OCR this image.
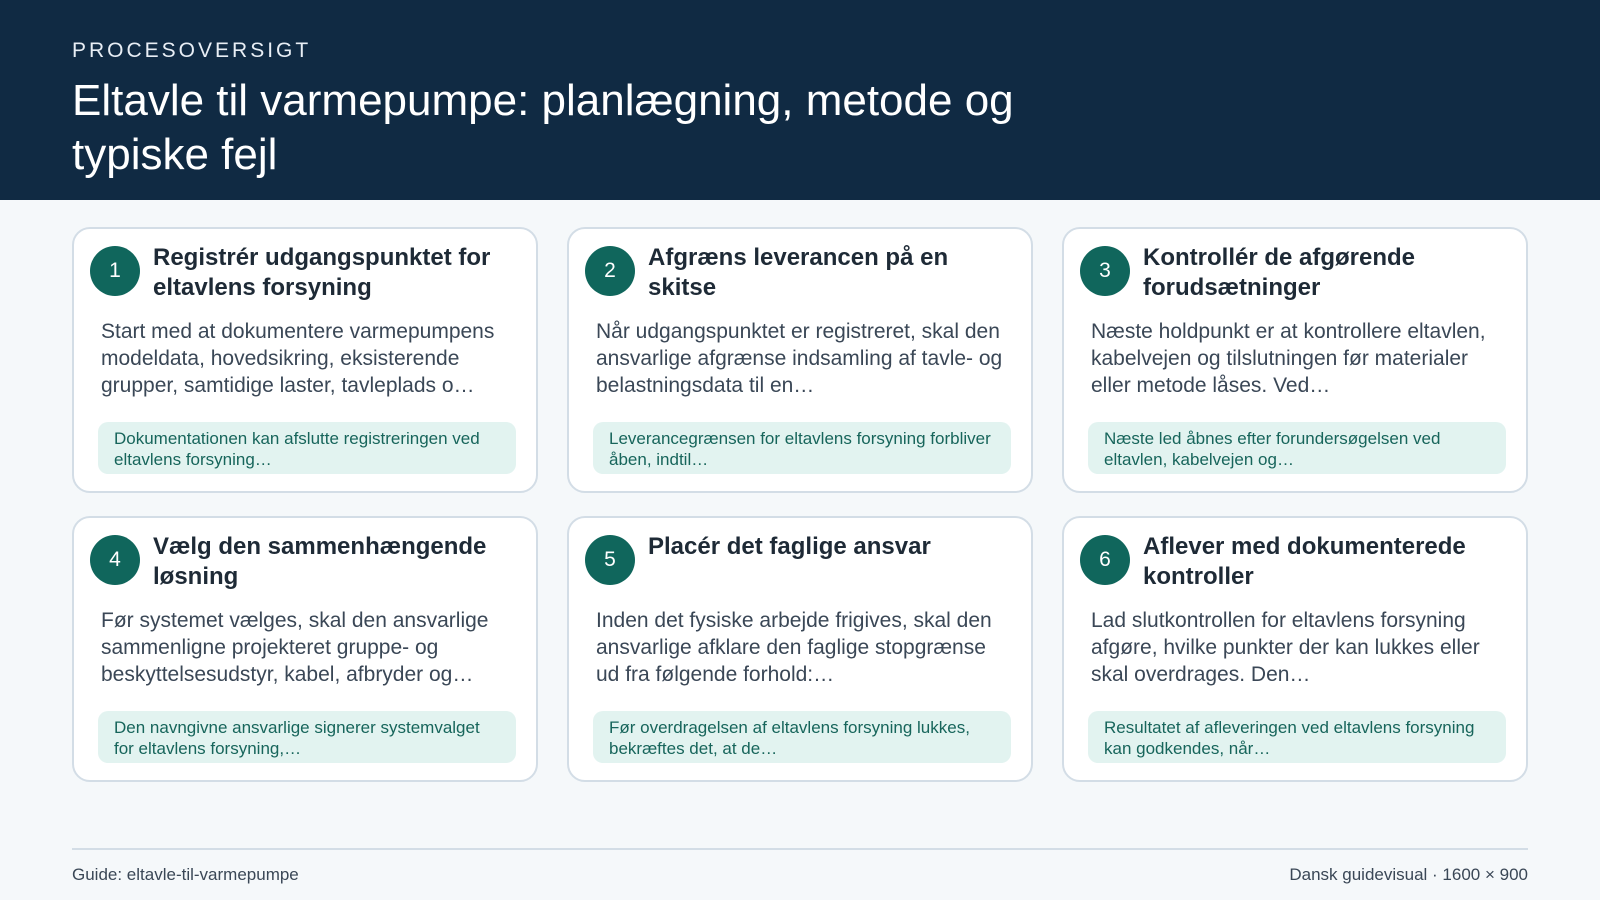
PROCESOVERSIGT

Eltavle til varmepumpe: planlægning, metode og typiske fejl
1	Registrér udgangspunktet for eltavlens forsyning

Start med at dokumentere varmepumpens modeldata, hovedsikring, eksisterende grupper, samtidige laster, tavleplads o…

Dokumentationen kan afslutte registreringen ved eltavlens forsyning…
2	Afgræns leverancen på en skitse

Når udgangspunktet er registreret, skal den ansvarlige afgrænse indsamling af tavle- og belastningsdata til en…

Leverancegrænsen for eltavlens forsyning forbliver åben, indtil…
3	Kontrollér de afgørende forudsætninger

Næste holdpunkt er at kontrollere eltavlen, kabelvejen og tilslutningen før materialer eller metode låses. Ved…

Næste led åbnes efter forundersøgelsen ved eltavlen, kabelvejen og…
4	Vælg den sammenhængende løsning

Før systemet vælges, skal den ansvarlige sammenligne projekteret gruppe- og beskyttelsesudstyr, kabel, afbryder og…

Den navngivne ansvarlige signerer systemvalget for eltavlens forsyning,…
5	Placér det faglige ansvar

Inden det fysiske arbejde frigives, skal den ansvarlige afklare den faglige stopgrænse ud fra følgende forhold:…

Før overdragelsen af eltavlens forsyning lukkes, bekræftes det, at de…
6	Aflever med dokumenterede kontroller

Lad slutkontrollen for eltavlens forsyning afgøre, hvilke punkter der kan lukkes eller skal overdrages. Den…

Resultatet af afleveringen ved eltavlens forsyning kan godkendes, når…
Guide: eltavle-til-varmepumpe	Dansk guidevisual · 1600 × 900
